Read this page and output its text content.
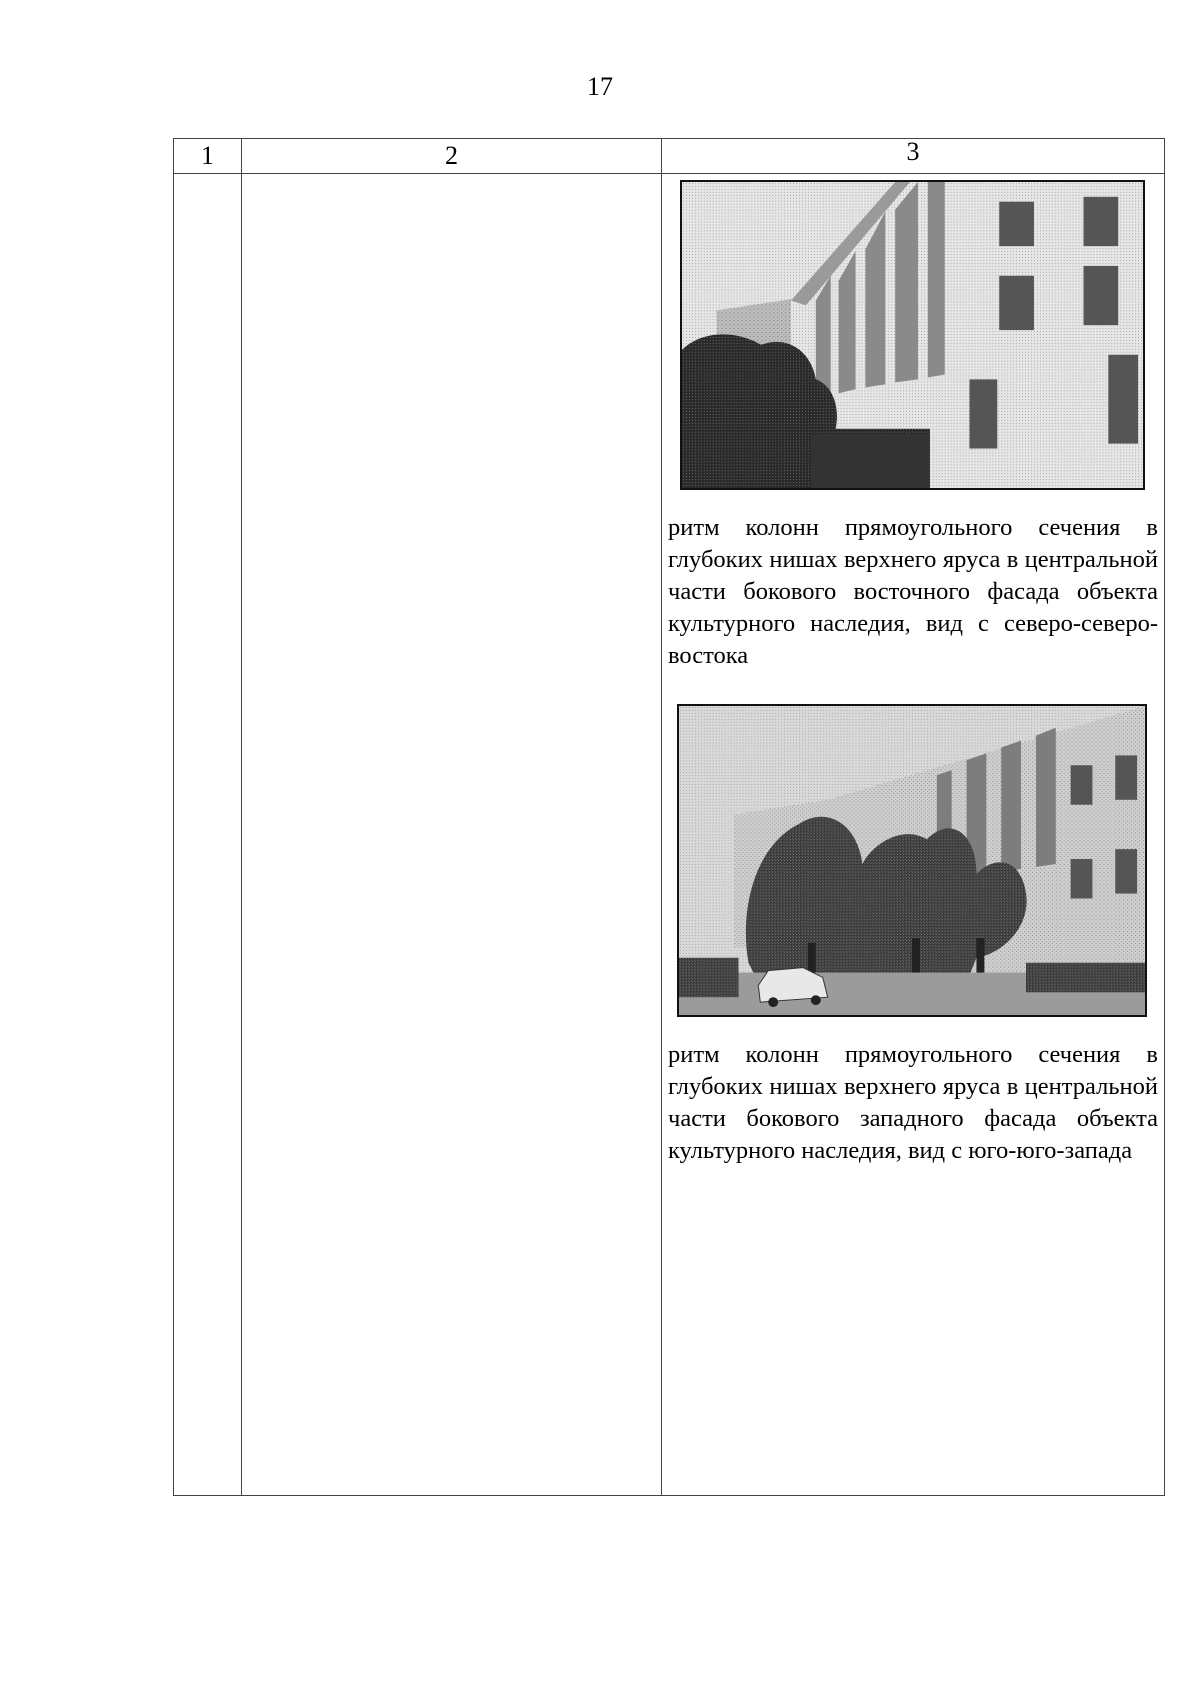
17
1	2	3

		ритм колонн прямоугольного сечения в глубоких нишах верхнего яруса в центральной части бокового восточного фасада объекта культурного наследия, вид с северо-северо-востока
ритм колонн прямоугольного сечения в глубоких нишах верхнего яруса в центральной части бокового западного фасада объекта культурного наследия, вид с юго-юго-запада
